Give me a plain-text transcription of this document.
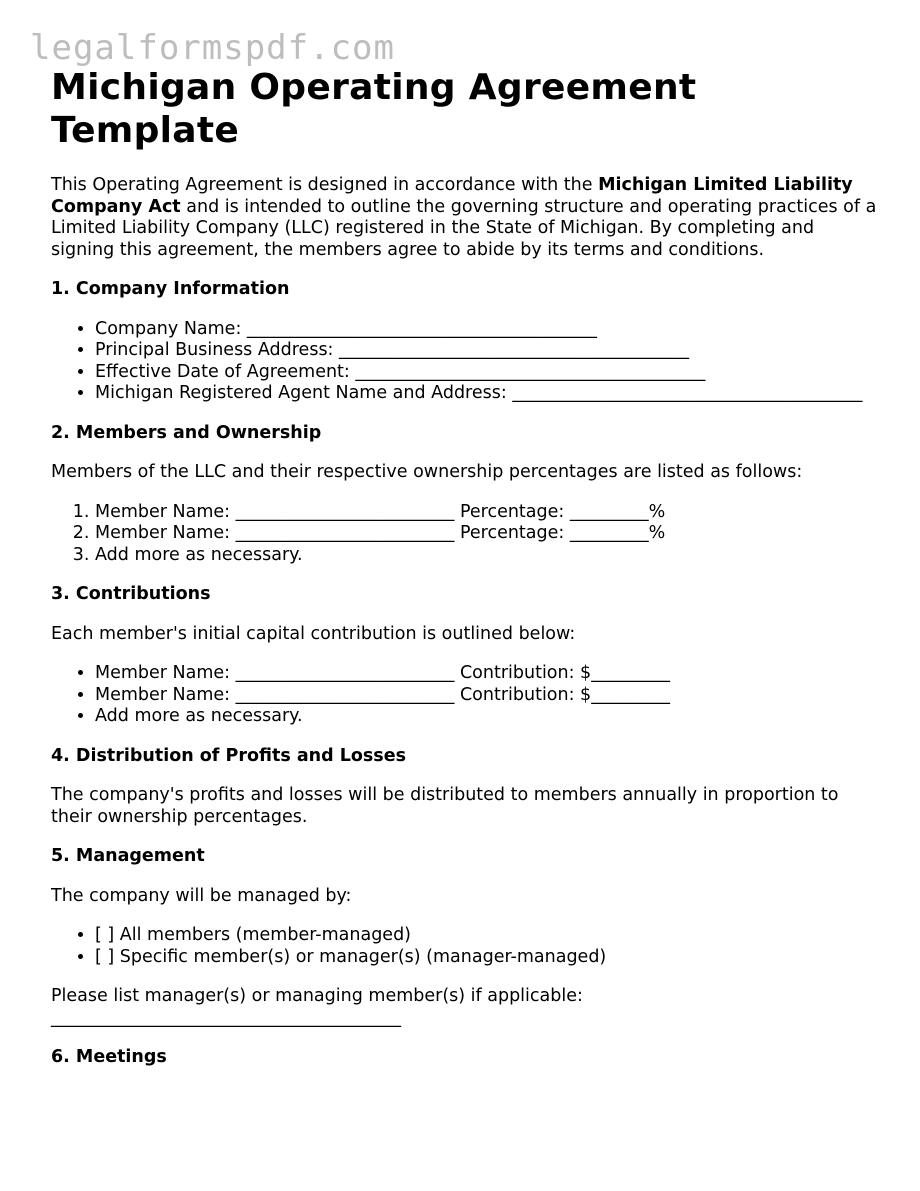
legalformspdf.com
Michigan Operating Agreement Template

This Operating Agreement is designed in accordance with the Michigan Limited Liability Company Act and is intended to outline the governing structure and operating practices of a Limited Liability Company (LLC) registered in the State of Michigan. By completing and signing this agreement, the members agree to abide by its terms and conditions.

1. Company Information
• Company Name: ________________________________________
• Principal Business Address: ________________________________________
• Effective Date of Agreement: ________________________________________
• Michigan Registered Agent Name and Address: ________________________________________
2. Members and Ownership

Members of the LLC and their respective ownership percentages are listed as follows:

1. Member Name: _________________________ Percentage: _________%
2. Member Name: _________________________ Percentage: _________%
3. Add more as necessary.
3. Contributions

Each member's initial capital contribution is outlined below:

• Member Name: _________________________ Contribution: $_________
• Member Name: _________________________ Contribution: $_________
• Add more as necessary.
4. Distribution of Profits and Losses

The company's profits and losses will be distributed to members annually in proportion to their ownership percentages.

5. Management

The company will be managed by:

• [ ] All members (member-managed)
• [ ] Specific member(s) or manager(s) (manager-managed)

Please list manager(s) or managing member(s) if applicable: ________________________________________

6. Meetings
